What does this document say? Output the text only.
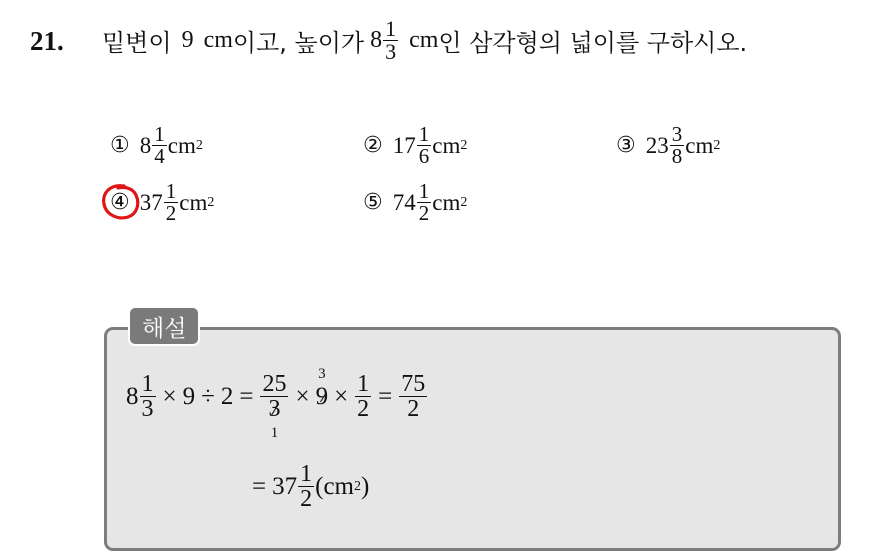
21. 밑변이 9 cm 이고, 높이가 $8 \frac{1}{3}$ cm 인 삼각형의 넓이를 구하시오.
① $8 \frac{1}{4}$ cm 2	② $17 \frac{1}{6}$ cm 2	③ $23 \frac{3}{8}$ cm 2
④ $37 \frac{1}{2}$ cm 2	⑤ $74 \frac{1}{2}$ cm 2
해설
$8 \frac{1}{3} \times 9 \div 2 = 25$
3
1 × 9
3
× $\frac{1}{2} = \frac{75}{2}$
= $37 \frac{1}{2}$ ( cm 2 )
